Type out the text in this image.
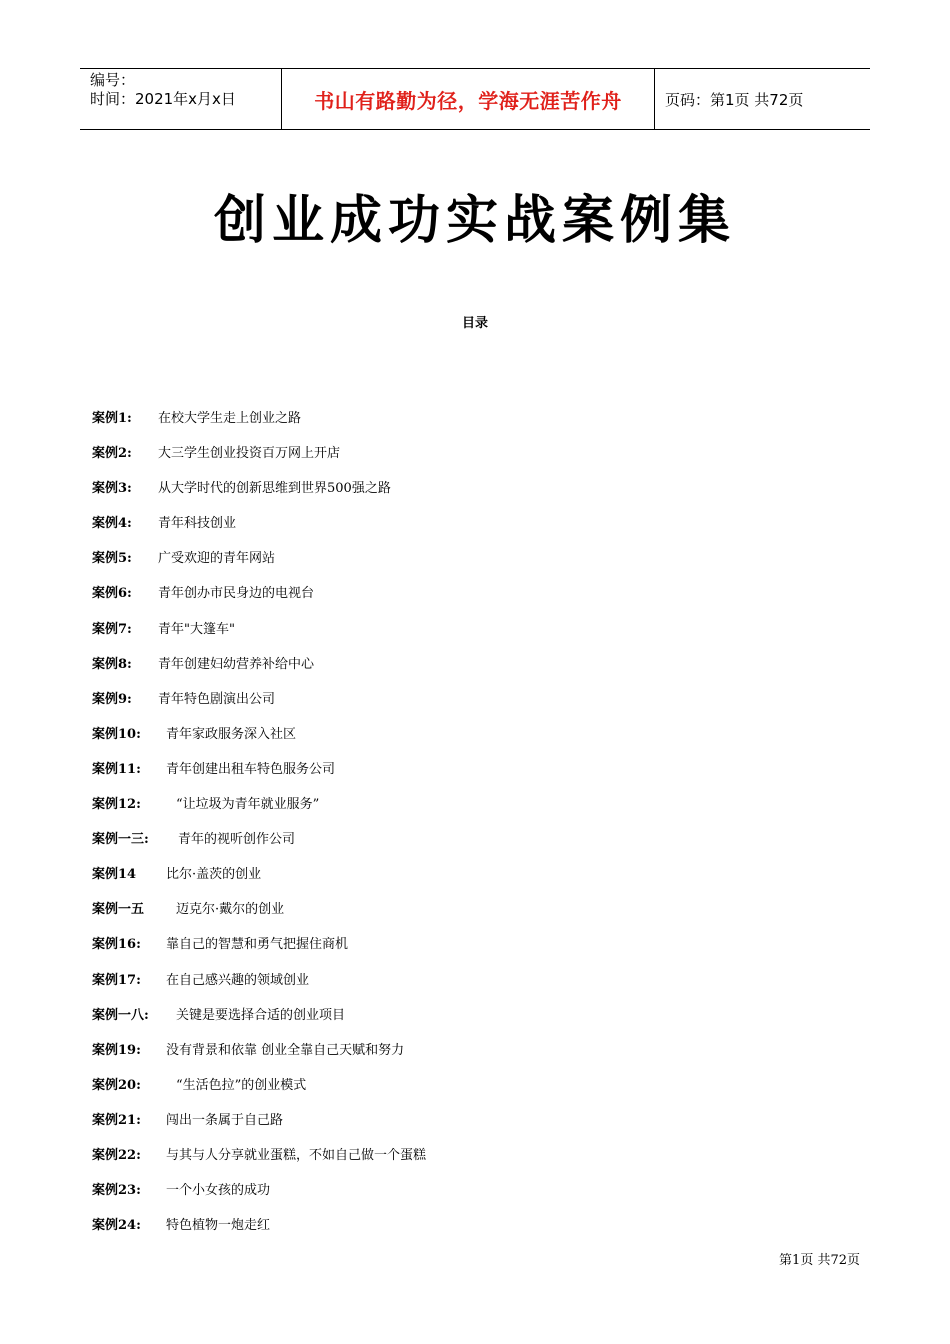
编号：
时间：2021年x月x日	书山有路勤为径，学海无涯苦作舟	页码：第1页 共72页
创业成功实战案例集
目录
案例1:	在校大学生走上创业之路
案例2:	大三学生创业投资百万网上开店
案例3:	从大学时代的创新思维到世界500强之路
案例4:	青年科技创业
案例5:	广受欢迎的青年网站
案例6:	青年创办市民身边的电视台
案例7:	青年"大篷车"
案例8:	青年创建妇幼营养补给中心
案例9:	青年特色剧演出公司
案例10:	青年家政服务深入社区
案例11:	青年创建出租车特色服务公司
案例12:	“让垃圾为青年就业服务”
案例一三:	青年的视听创作公司
案例14	比尔·盖茨的创业
案例一五	迈克尔·戴尔的创业
案例16:	靠自己的智慧和勇气把握住商机
案例17:	在自己感兴趣的领域创业
案例一八:	关键是要选择合适的创业项目
案例19:	没有背景和依靠 创业全靠自己天赋和努力
案例20:	“生活色拉”的创业模式
案例21:	闯出一条属于自己路
案例22:	与其与人分享就业蛋糕，不如自己做一个蛋糕
案例23:	一个小女孩的成功
案例24:	特色植物一炮走红
第1页 共72页
